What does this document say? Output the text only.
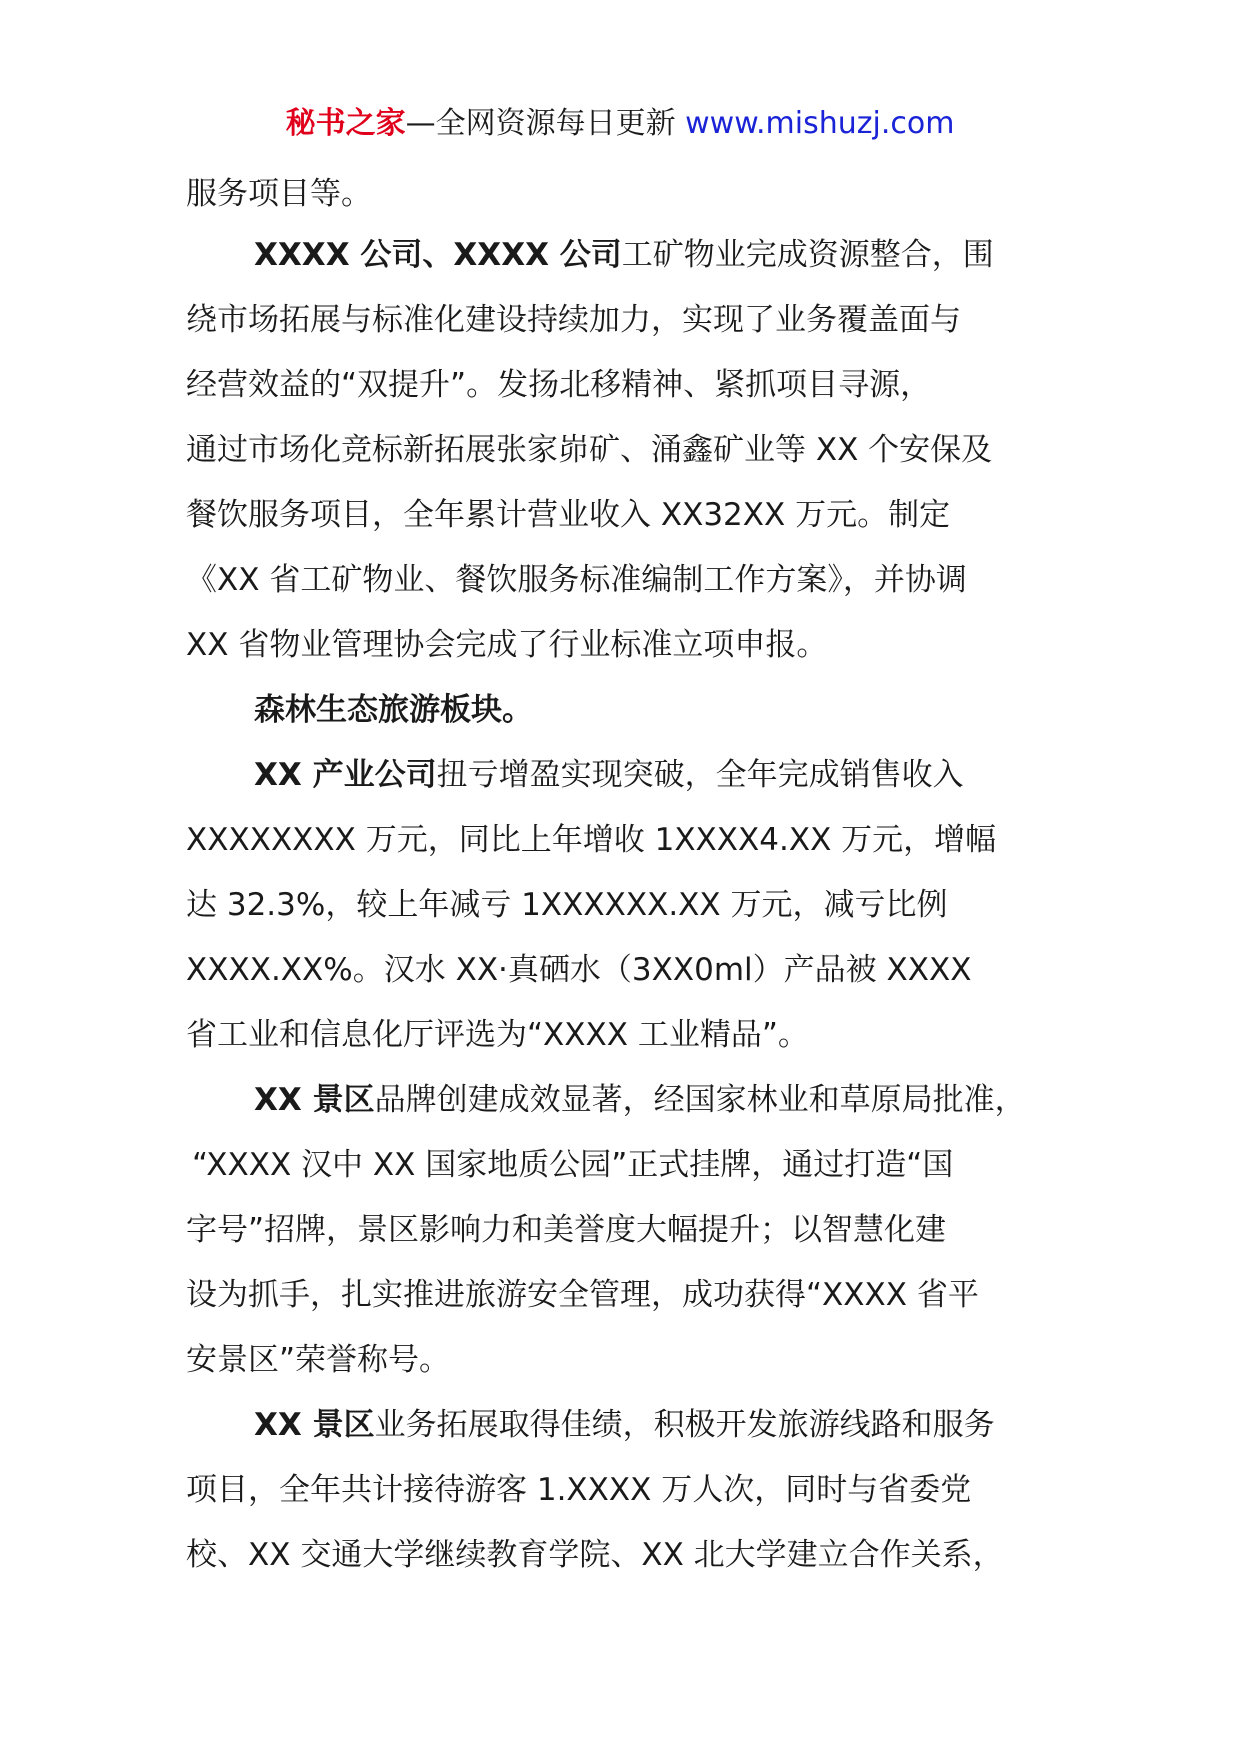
秘书之家—全网资源每日更新 www.mishuzj.com
服务项目等。
XXXX 公司、XXXX 公司工矿物业完成资源整合，围
绕市场拓展与标准化建设持续加力，实现了业务覆盖面与
经营效益的“双提升”。发扬北移精神、紧抓项目寻源，
通过市场化竞标新拓展张家峁矿、涌鑫矿业等 XX 个安保及
餐饮服务项目，全年累计营业收入 XX32XX 万元。制定
《XX 省工矿物业、餐饮服务标准编制工作方案》，并协调
XX 省物业管理协会完成了行业标准立项申报。
森林生态旅游板块。
XX 产业公司扭亏增盈实现突破，全年完成销售收入
XXXXXXXX 万元，同比上年增收 1XXXX4.XX 万元，增幅
达 32.3%，较上年减亏 1XXXXXX.XX 万元，减亏比例
XXXX.XX%。汉水 XX·真硒水（3XX0ml）产品被 XXXX
省工业和信息化厅评选为“XXXX 工业精品”。
XX 景区品牌创建成效显著，经国家林业和草原局批准，
“XXXX 汉中 XX 国家地质公园”正式挂牌，通过打造“国
字号”招牌，景区影响力和美誉度大幅提升；以智慧化建
设为抓手，扎实推进旅游安全管理，成功获得“XXXX 省平
安景区”荣誉称号。
XX 景区业务拓展取得佳绩，积极开发旅游线路和服务
项目，全年共计接待游客 1.XXXX 万人次，同时与省委党
校、XX 交通大学继续教育学院、XX 北大学建立合作关系，
